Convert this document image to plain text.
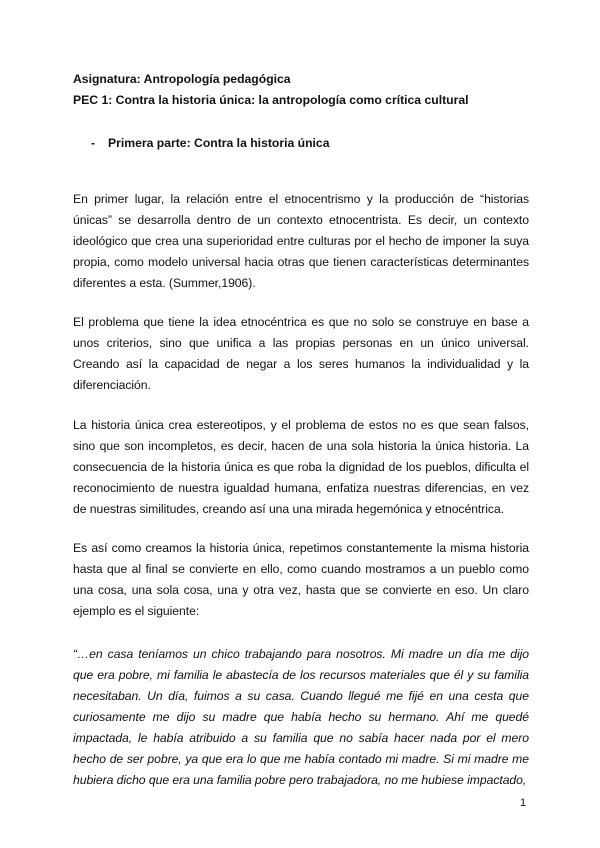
Asignatura: Antropología pedagógica
PEC 1: Contra la historia única: la antropología como crítica cultural
- Primera parte: Contra la historia única

En primer lugar, la relación entre el etnocentrismo y la producción de “historias únicas” se desarrolla dentro de un contexto etnocentrista. Es decir, un contexto ideológico que crea una superioridad entre culturas por el hecho de imponer la suya propia, como modelo universal hacia otras que tienen características determinantes diferentes a esta. (Summer,1906).

El problema que tiene la idea etnocéntrica es que no solo se construye en base a unos criterios, sino que unifica a las propias personas en un único universal. Creando así la capacidad de negar a los seres humanos la individualidad y la diferenciación.

La historia única crea estereotipos, y el problema de estos no es que sean falsos, sino que son incompletos, es decir, hacen de una sola historia la única historia. La consecuencia de la historia única es que roba la dignidad de los pueblos, dificulta el reconocimiento de nuestra igualdad humana, enfatiza nuestras diferencias, en vez de nuestras similitudes, creando así una una mirada hegemónica y etnocéntrica.

Es así como creamos la historia única, repetimos constantemente la misma historia hasta que al final se convierte en ello, como cuando mostramos a un pueblo como una cosa, una sola cosa, una y otra vez, hasta que se convierte en eso. Un claro ejemplo es el siguiente:

“…en casa teníamos un chico trabajando para nosotros. Mi madre un día me dijo que era pobre, mi familia le abastecía de los recursos materiales que él y su familia necesitaban. Un día, fuimos a su casa. Cuando llegué me fijé en una cesta que curiosamente me dijo su madre que había hecho su hermano. Ahí me quedé impactada, le había atribuido a su familia que no sabía hacer nada por el mero hecho de ser pobre, ya que era lo que me había contado mi madre. Si mi madre me hubiera dicho que era una familia pobre pero trabajadora, no me hubiese impactado,

1
